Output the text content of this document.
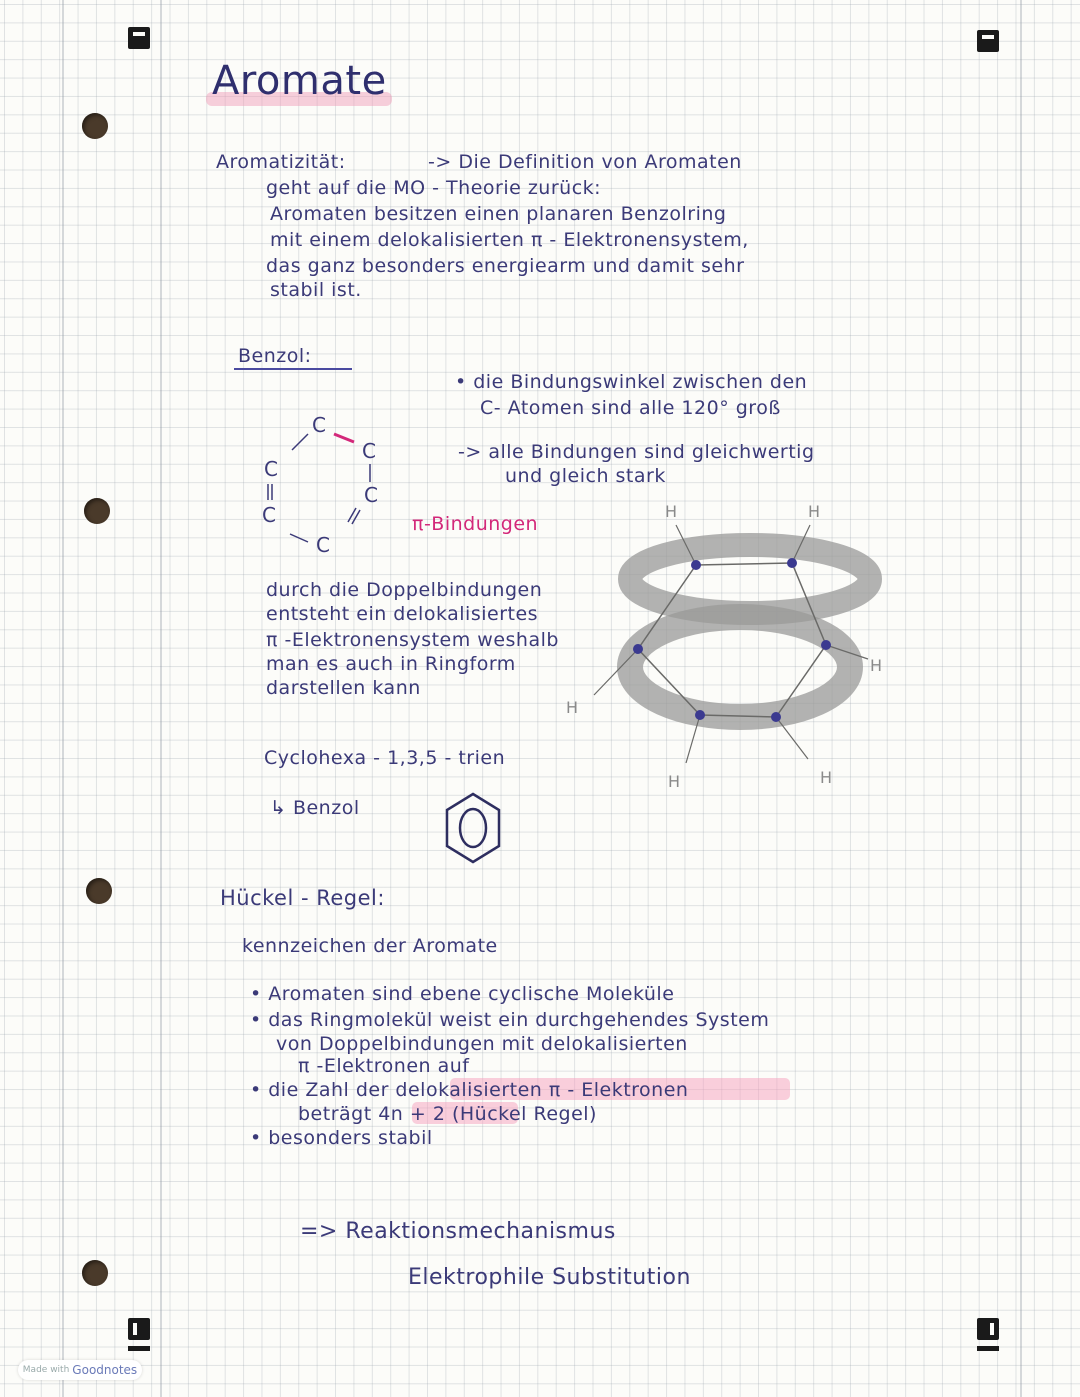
Aromate
Aromatizität:	-> Die Definition von Aromaten
geht auf die MO - Theorie zurück:
Aromaten besitzen einen planaren Benzolring
mit einem delokalisierten π - Elektronensystem,
das ganz besonders energiearm und damit sehr
stabil ist.
Benzol:
• die Bindungswinkel zwischen den
C- Atomen sind alle 120° groß
-> alle Bindungen sind gleichwertig
und gleich stark
C
C
C
C
C
C
π-Bindungen
durch die Doppelbindungen
entsteht ein delokalisiertes
π -Elektronensystem weshalb
man es auch in Ringform
darstellen kann
H	H
H
H
H	H
Cyclohexa - 1,3,5 - trien
↳ Benzol
Hückel - Regel:
kennzeichen der Aromate
• Aromaten sind ebene cyclische Moleküle
• das Ringmolekül weist ein durchgehendes System
von Doppelbindungen mit delokalisierten
π -Elektronen auf
• die Zahl der delokalisierten π - Elektronen
beträgt 4n + 2 (Hückel Regel)
• besonders stabil
=> Reaktionsmechanismus
Elektrophile Substitution
Made with Goodnotes
